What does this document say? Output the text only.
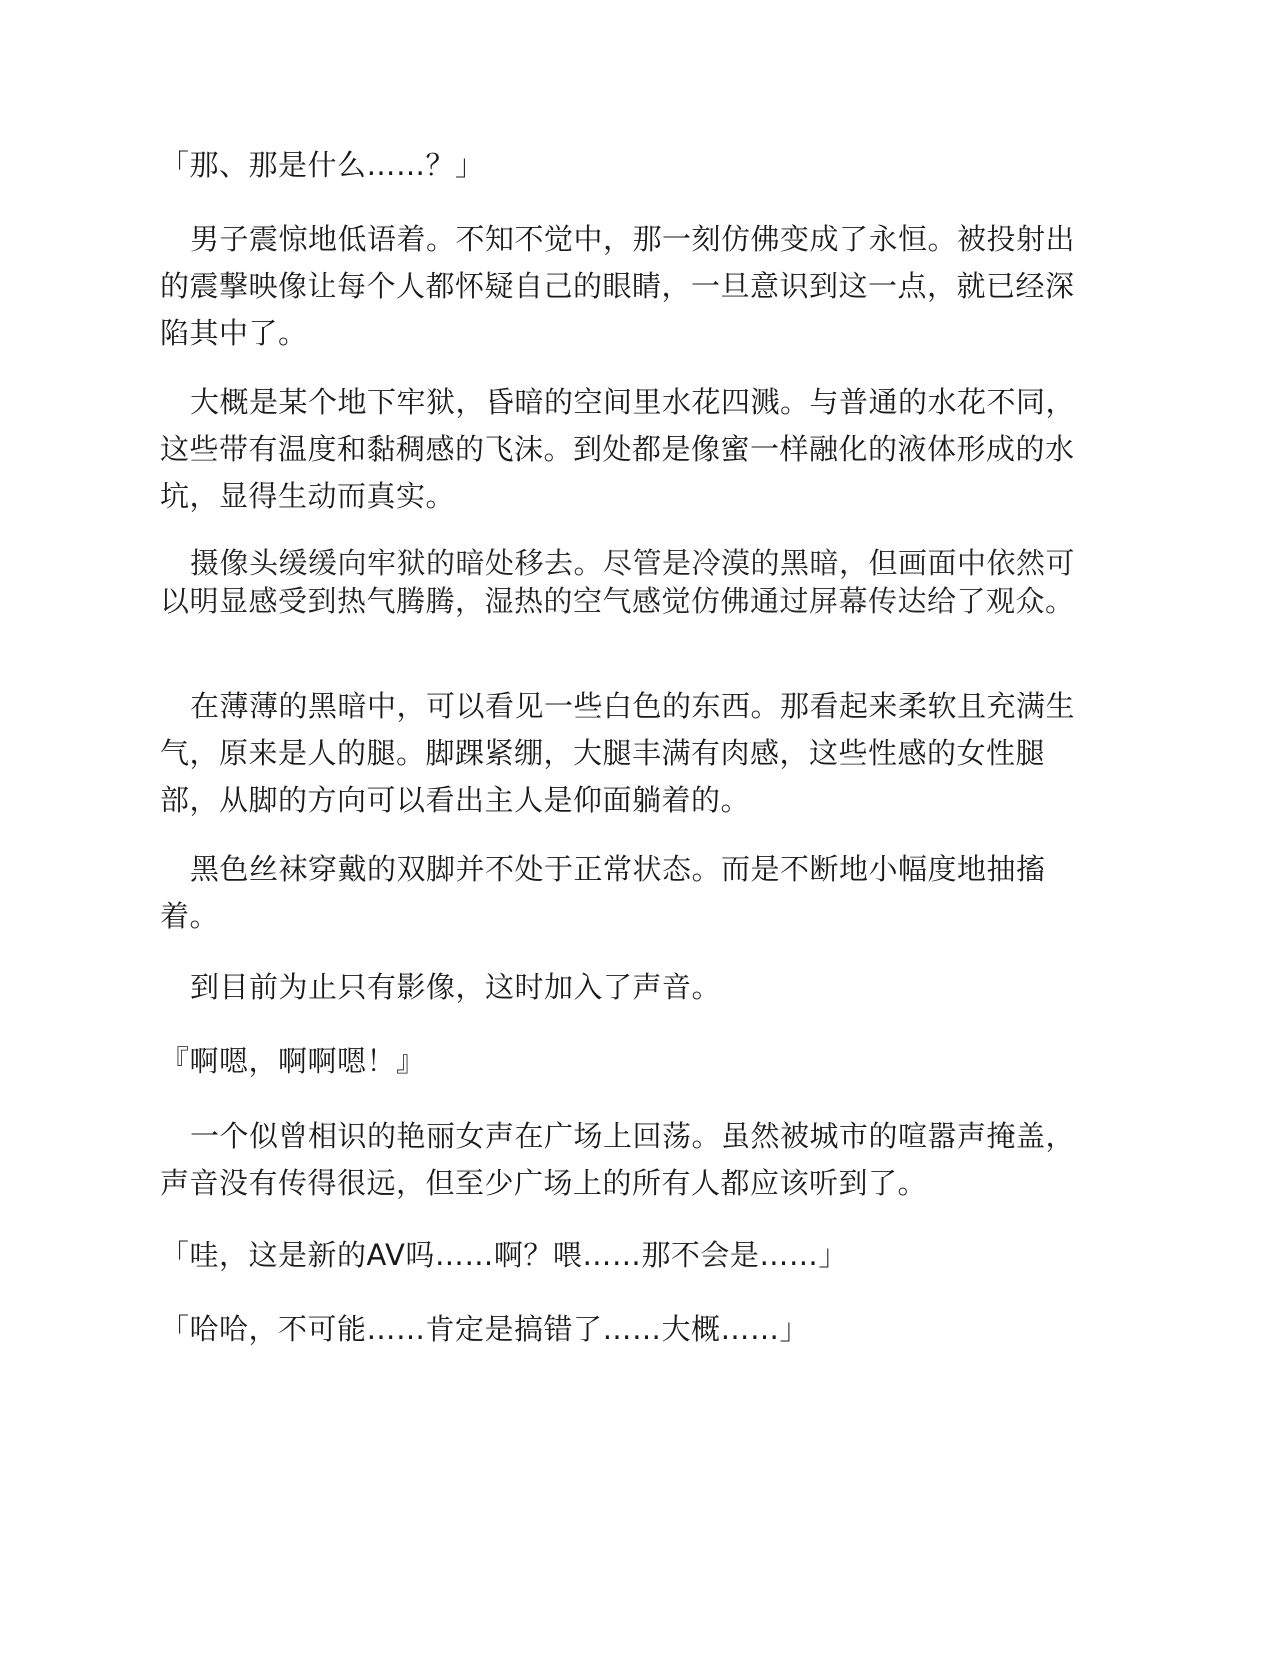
「那、那是什么……？」

男子震惊地低语着。不知不觉中，那一刻仿佛变成了永恒。被投射出的震撃映像让每个人都怀疑自己的眼睛，一旦意识到这一点，就已经深陷其中了。

大概是某个地下牢狱，昏暗的空间里水花四溅。与普通的水花不同，这些带有温度和黏稠感的飞沫。到处都是像蜜一样融化的液体形成的水坑，显得生动而真实。

摄像头缓缓向牢狱的暗处移去。尽管是冷漠的黑暗，但画面中依然可以明显感受到热气腾腾，湿热的空气感觉仿佛通过屏幕传达给了观众。

在薄薄的黑暗中，可以看见一些白色的东西。那看起来柔软且充满生气，原来是人的腿。脚踝紧绷，大腿丰满有肉感，这些性感的女性腿部，从脚的方向可以看出主人是仰面躺着的。

黑色丝袜穿戴的双脚并不处于正常状态。而是不断地小幅度地抽搐着。

到目前为止只有影像，这时加入了声音。

『啊嗯，啊啊嗯！』

一个似曾相识的艳丽女声在广场上回荡。虽然被城市的喧嚣声掩盖，声音没有传得很远，但至少广场上的所有人都应该听到了。

「哇，这是新的AV吗……啊？喂……那不会是……」

「哈哈，不可能……肯定是搞错了……大概……」
